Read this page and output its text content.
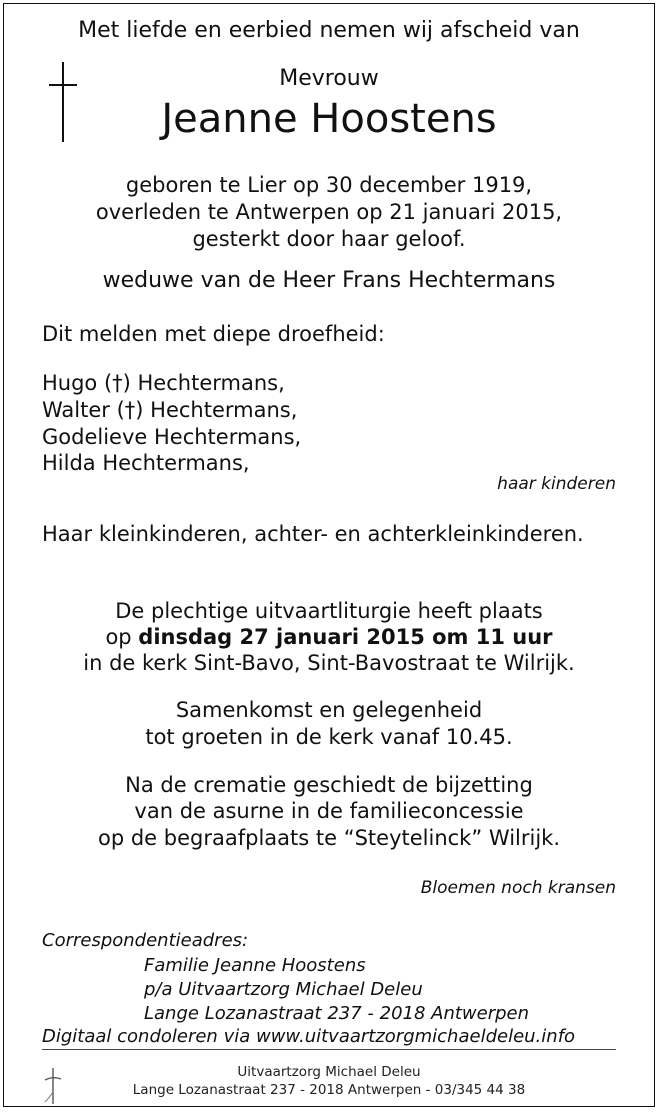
Met liefde en eerbied nemen wij afscheid van
Mevrouw
Jeanne Hoostens
geboren te Lier op 30 december 1919,
overleden te Antwerpen op 21 januari 2015,
gesterkt door haar geloof.
weduwe van de Heer Frans Hechtermans
Dit melden met diepe droefheid:
Hugo (†) Hechtermans,
Walter (†) Hechtermans,
Godelieve Hechtermans,
Hilda Hechtermans,
haar kinderen
Haar kleinkinderen, achter- en achterkleinkinderen.
De plechtige uitvaartliturgie heeft plaats
op dinsdag 27 januari 2015 om 11 uur
in de kerk Sint-Bavo, Sint-Bavostraat te Wilrijk.
Samenkomst en gelegenheid
tot groeten in de kerk vanaf 10.45.
Na de crematie geschiedt de bijzetting
van de asurne in de familieconcessie
op de begraafplaats te “Steytelinck” Wilrijk.
Bloemen noch kransen
Correspondentieadres:
Familie Jeanne Hoostens
p/a Uitvaartzorg Michael Deleu
Lange Lozanastraat 237 - 2018 Antwerpen
Digitaal condoleren via www.uitvaartzorgmichaeldeleu.info
Uitvaartzorg Michael Deleu
Lange Lozanastraat 237 - 2018 Antwerpen - 03/345 44 38
